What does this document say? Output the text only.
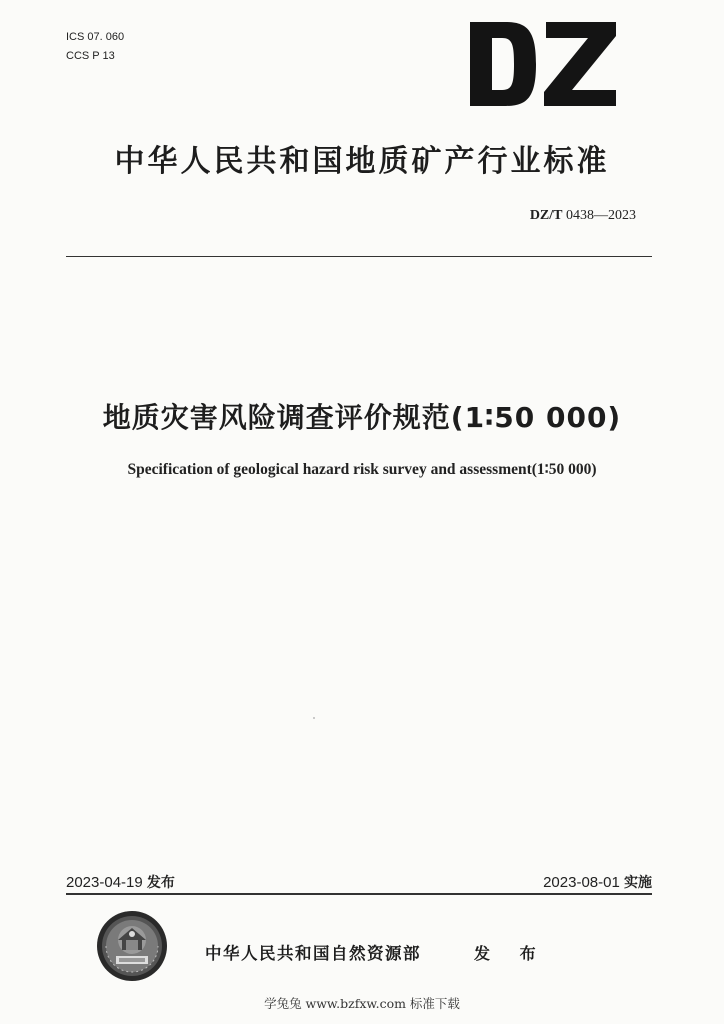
ICS 07. 060
CCS P 13
中华人民共和国地质矿产行业标准
DZ/T 0438—2023
地质灾害风险调查评价规范(1∶50 000)
Specification of geological hazard risk survey and assessment(1∶50 000)
2023-04-19 发布	2023-08-01 实施
中华人民共和国自然资源部	发 布
学兔兔 www.bzfxw.com 标准下载
